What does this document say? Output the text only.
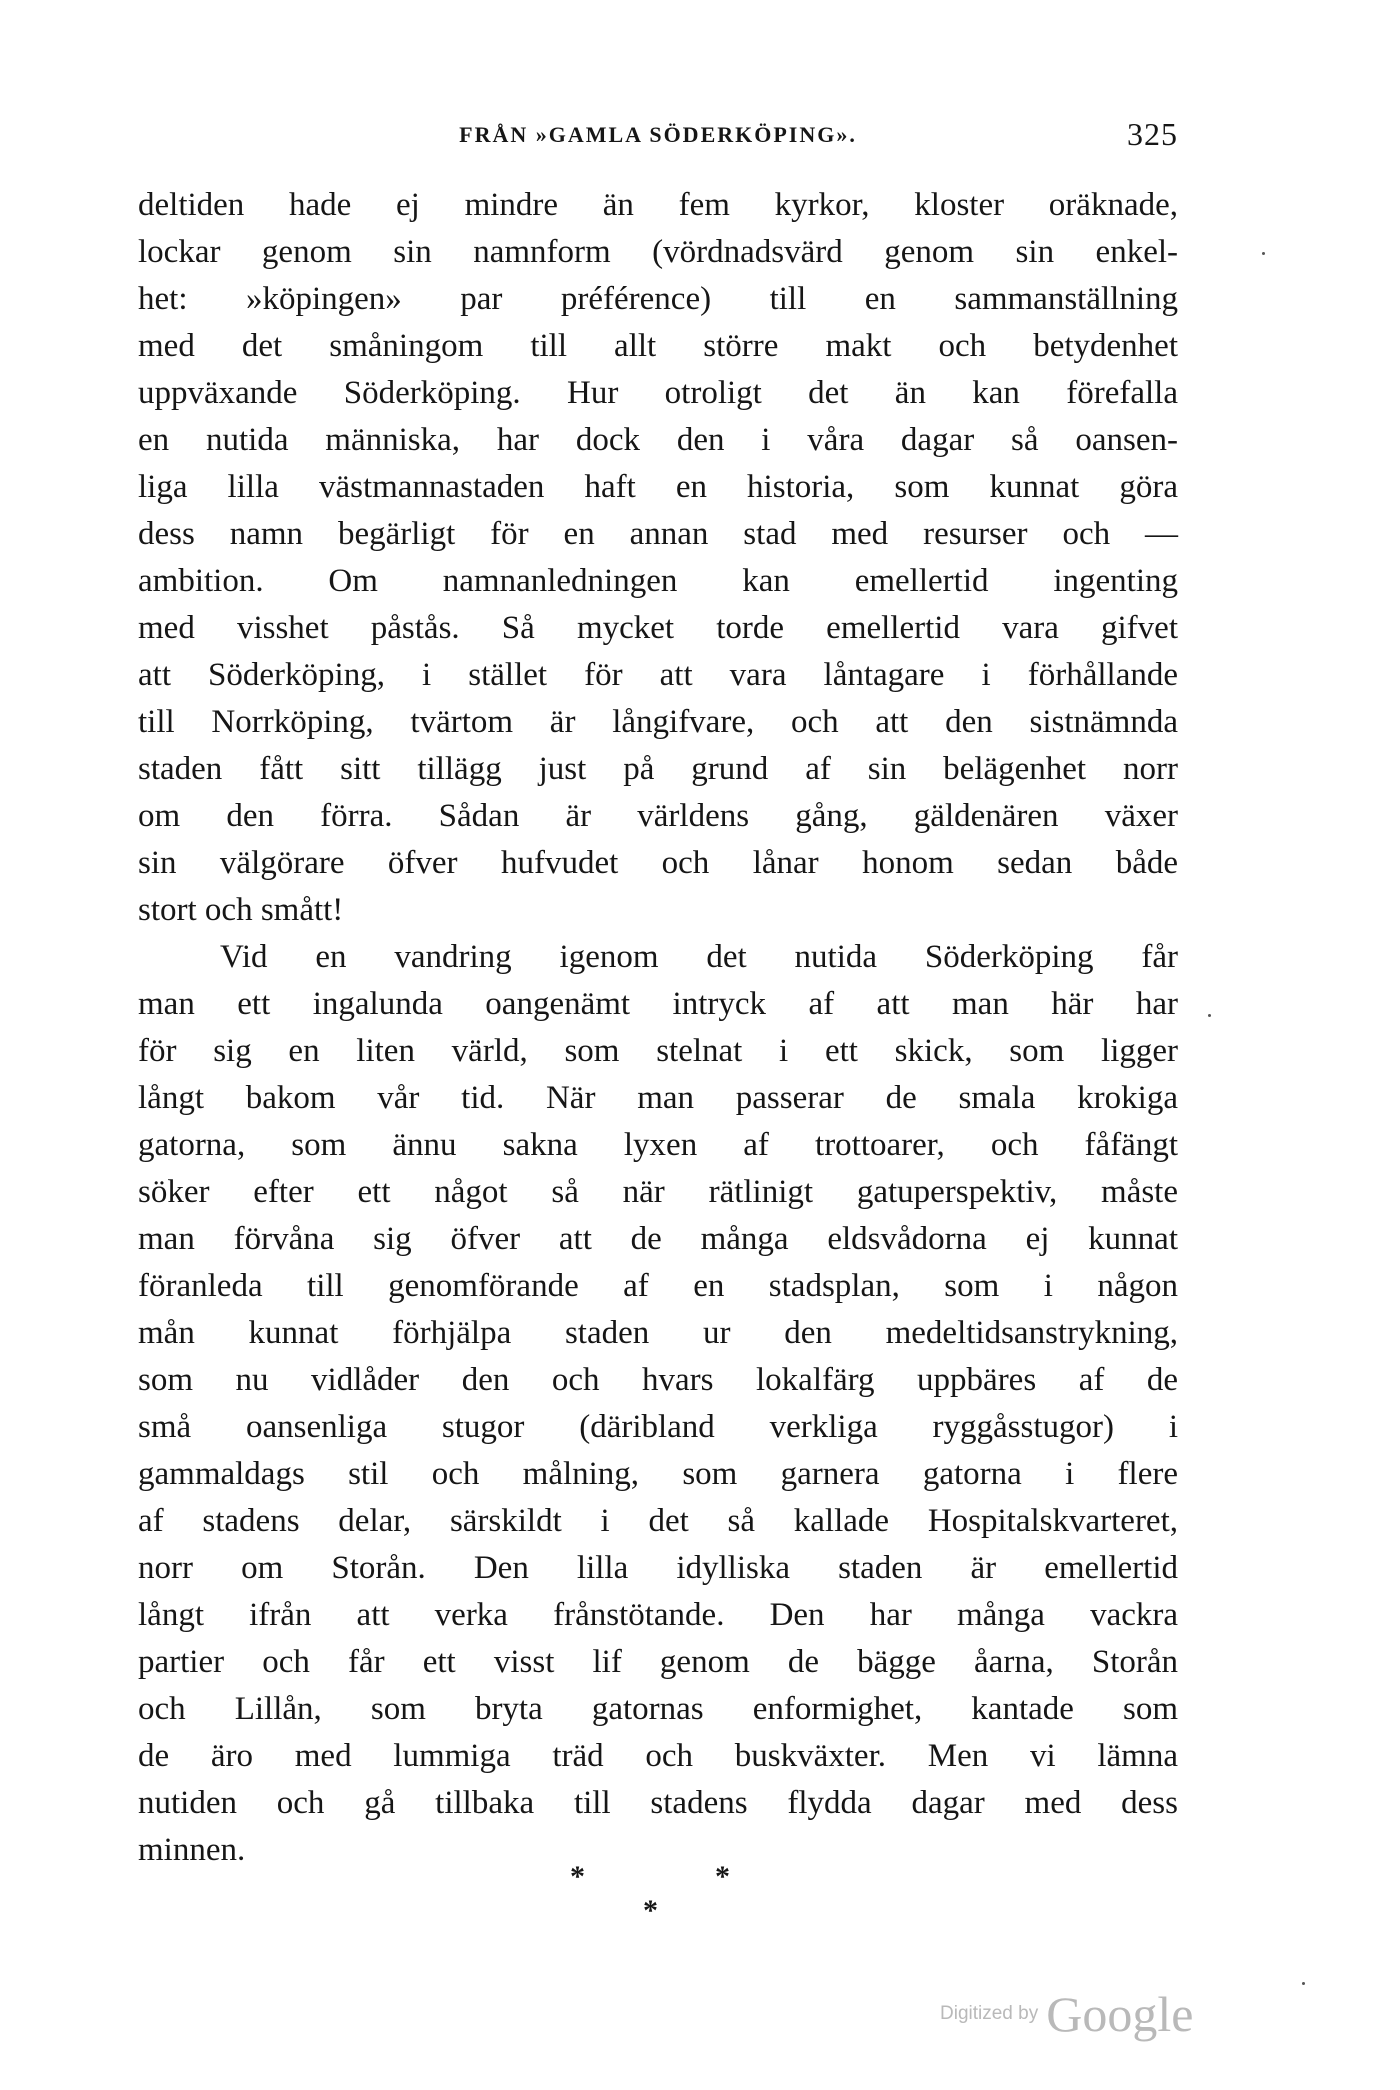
FRÅN »GAMLA SÖDERKÖPING».	325
deltiden hade ej mindre än fem kyrkor, kloster oräknade,
lockar genom sin namnform (vördnadsvärd genom sin enkel-
het: »köpingen» par préférence) till en sammanställning
med det småningom till allt större makt och betydenhet
uppväxande Söderköping. Hur otroligt det än kan förefalla
en nutida människa, har dock den i våra dagar så oansen-
liga lilla västmannastaden haft en historia, som kunnat göra
dess namn begärligt för en annan stad med resurser och —
ambition. Om namnanledningen kan emellertid ingenting
med visshet påstås. Så mycket torde emellertid vara gifvet
att Söderköping, i stället för att vara låntagare i förhållande
till Norrköping, tvärtom är långifvare, och att den sistnämnda
staden fått sitt tillägg just på grund af sin belägenhet norr
om den förra. Sådan är världens gång, gäldenären växer
sin välgörare öfver hufvudet och lånar honom sedan både
stort och smått!
Vid en vandring igenom det nutida Söderköping får
man ett ingalunda oangenämt intryck af att man här har
för sig en liten värld, som stelnat i ett skick, som ligger
långt bakom vår tid. När man passerar de smala krokiga
gatorna, som ännu sakna lyxen af trottoarer, och fåfängt
söker efter ett något så när rätlinigt gatuperspektiv, måste
man förvåna sig öfver att de många eldsvådorna ej kunnat
föranleda till genomförande af en stadsplan, som i någon
mån kunnat förhjälpa staden ur den medeltidsanstrykning,
som nu vidlåder den och hvars lokalfärg uppbäres af de
små oansenliga stugor (däribland verkliga ryggåsstugor) i
gammaldags stil och målning, som garnera gatorna i flere
af stadens delar, särskildt i det så kallade Hospitalskvarteret,
norr om Storån. Den lilla idylliska staden är emellertid
långt ifrån att verka frånstötande. Den har många vackra
partier och får ett visst lif genom de bägge åarna, Storån
och Lillån, som bryta gatornas enformighet, kantade som
de äro med lummiga träd och buskväxter. Men vi lämna
nutiden och gå tillbaka till stadens flydda dagar med dess
minnen.
*	*
*
Digitized by Google
